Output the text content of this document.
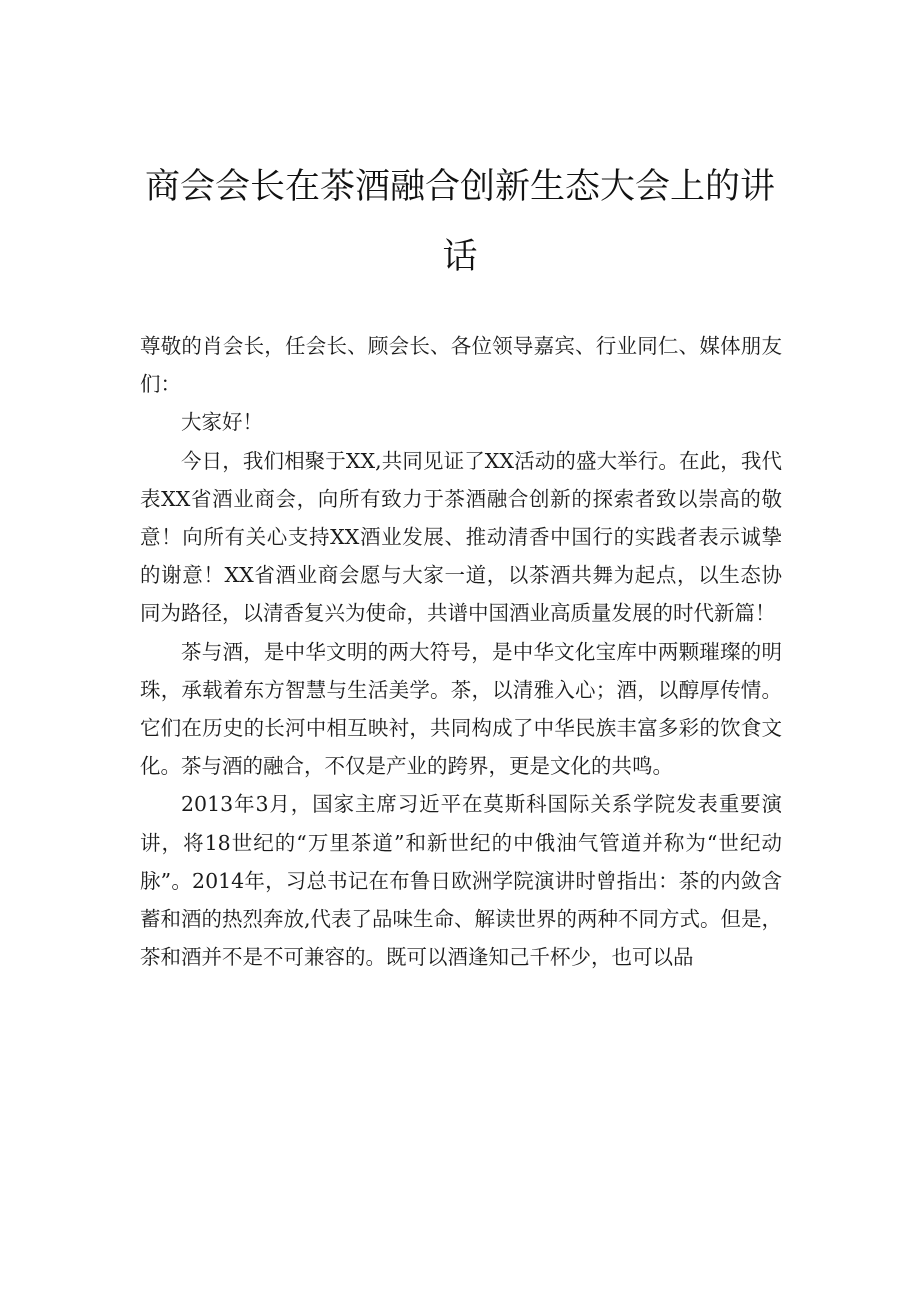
商会会长在茶酒融合创新生态大会上的讲话

尊敬的肖会长，任会长、顾会长、各位领导嘉宾、行业同仁、媒体朋友们：

大家好！

今日，我们相聚于XX,共同见证了XX活动的盛大举行。在此，我代表XX省酒业商会，向所有致力于茶酒融合创新的探索者致以崇高的敬意！向所有关心支持XX酒业发展、推动清香中国行的实践者表示诚挚的谢意！XX省酒业商会愿与大家一道，以茶酒共舞为起点，以生态协同为路径，以清香复兴为使命，共谱中国酒业高质量发展的时代新篇！

茶与酒，是中华文明的两大符号，是中华文化宝库中两颗璀璨的明珠，承载着东方智慧与生活美学。茶，以清雅入心；酒，以醇厚传情。它们在历史的长河中相互映衬，共同构成了中华民族丰富多彩的饮食文化。茶与酒的融合，不仅是产业的跨界，更是文化的共鸣。

2013年3月，国家主席习近平在莫斯科国际关系学院发表重要演讲，将18世纪的“万里茶道”和新世纪的中俄油气管道并称为“世纪动脉”。2014年，习总书记在布鲁日欧洲学院演讲时曾指出：茶的内敛含蓄和酒的热烈奔放,代表了品味生命、解读世界的两种不同方式。但是，茶和酒并不是不可兼容的。既可以酒逢知己千杯少，也可以品
